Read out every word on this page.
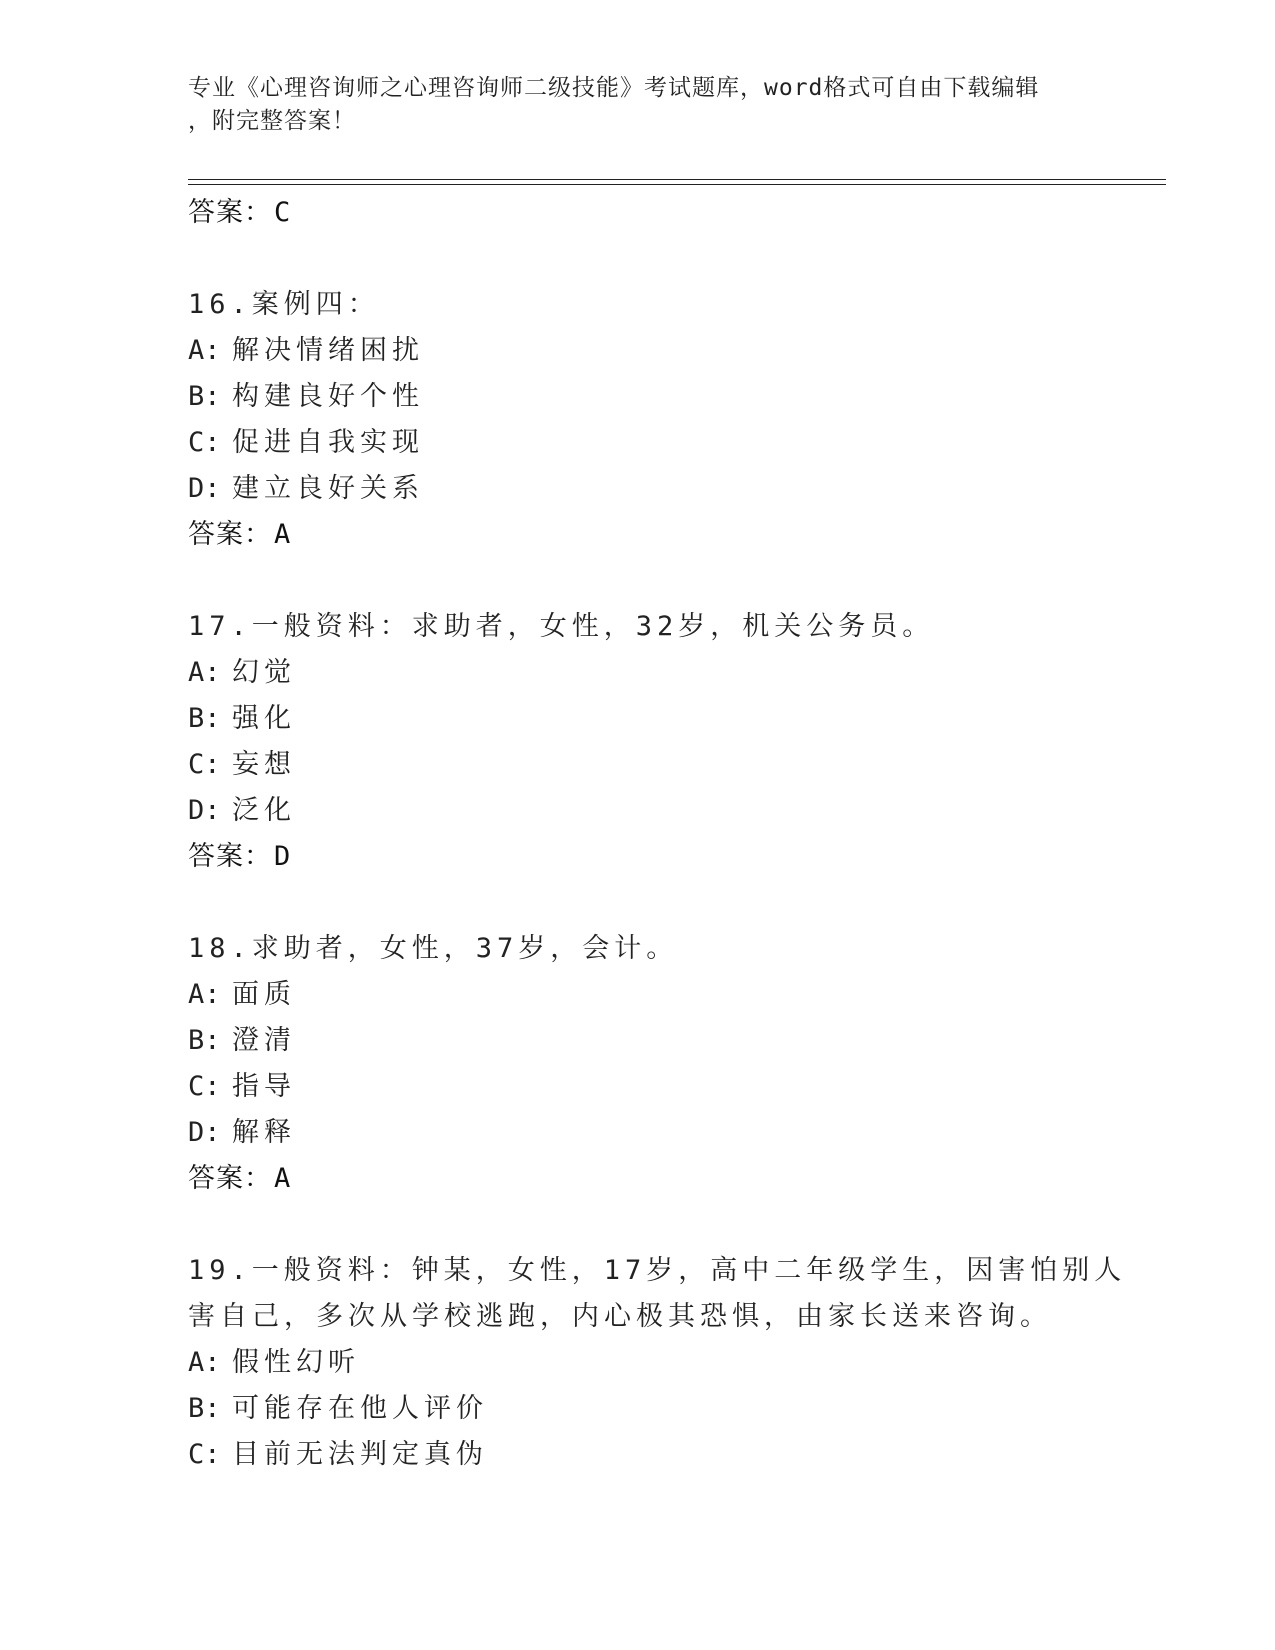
专业《心理咨询师之心理咨询师二级技能》考试题库，word格式可自由下载编辑
，附完整答案！
答案：C
16.案例四：
A: 解决情绪困扰
B: 构建良好个性
C: 促进自我实现
D: 建立良好关系
答案：A
17.一般资料：求助者，女性，32岁，机关公务员。
A: 幻觉
B: 强化
C: 妄想
D: 泛化
答案：D
18.求助者，女性，37岁，会计。
A: 面质
B: 澄清
C: 指导
D: 解释
答案：A
19.一般资料：钟某，女性，17岁，高中二年级学生，因害怕别人害自己，多次从学校逃跑，内心极其恐惧，由家长送来咨询。
A: 假性幻听
B: 可能存在他人评价
C: 目前无法判定真伪
